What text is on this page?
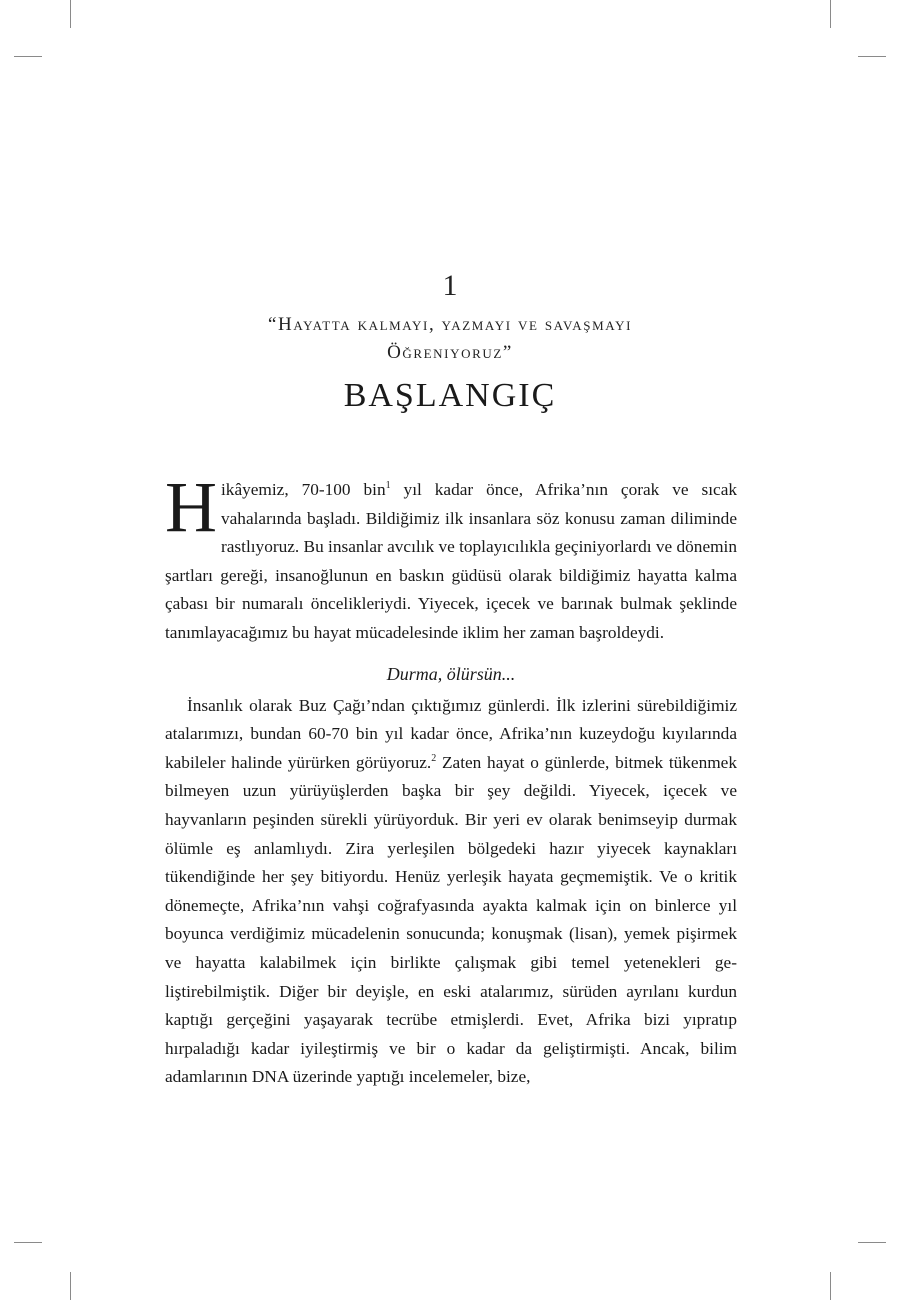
1
“Hayatta kalmayı, yazmayı ve savaşmayı
Öğreniyoruz”
BAŞLANGIÇ

Hikâyemiz, 70-100 bin$^1$ yıl kadar önce, Afrika’nın çorak ve sıcak vahalarında başladı. Bildiğimiz ilk insanlara söz konusu zaman diliminde rastlıyoruz. Bu insanlar avcılık ve toplayıcılıkla geçiniyorlardı ve dönemin şartları gereği, insanoğlunun en baskın güdüsü olarak bildiğimiz hayatta kalma çabası bir numaralı öncelikleriydi. Yiyecek, içecek ve barınak bulmak şeklinde tanımlayacağımız bu hayat mücadelesinde iklim her zaman başroldeydi.

Durma, ölürsün...

İnsanlık olarak Buz Çağı’ndan çıktığımız günlerdi. İlk izlerini sürebildiğimiz atalarımızı, bundan 60-70 bin yıl kadar önce, Afrika’nın kuzeydoğu kıyılarında kabileler halinde yürürken görüyoruz.$^2$ Zaten hayat o günlerde, bitmek tükenmek bilmeyen uzun yürüyüşlerden başka bir şey değildi. Yiyecek, içecek ve hayvanların peşinden sürekli yürüyorduk. Bir yeri ev olarak benimseyip durmak ölümle eş anlamlıydı. Zira yerleşilen bölgedeki hazır yiyecek kaynakları tükendiğinde her şey bitiyordu. Henüz yerleşik hayata geçmemiştik. Ve o kritik dönemeçte, Afrika’nın vahşi coğrafyasında ayakta kalmak için on binlerce yıl boyunca verdiğimiz mücadelenin sonucunda; konuşmak (lisan), yemek pişirmek ve hayatta kalabilmek için birlikte çalışmak gibi temel yetenekleri geliştirebilmiştik. Diğer bir deyişle, en eski atalarımız, sürüden ayrılanı kurdun kaptığı gerçeğini yaşayarak tecrübe etmişlerdi. Evet, Afrika bizi yıpratıp hırpaladığı kadar iyileştirmiş ve bir o kadar da geliştirmişti. Ancak, bilim adamlarının DNA üzerinde yaptığı incelemeler, bize,
